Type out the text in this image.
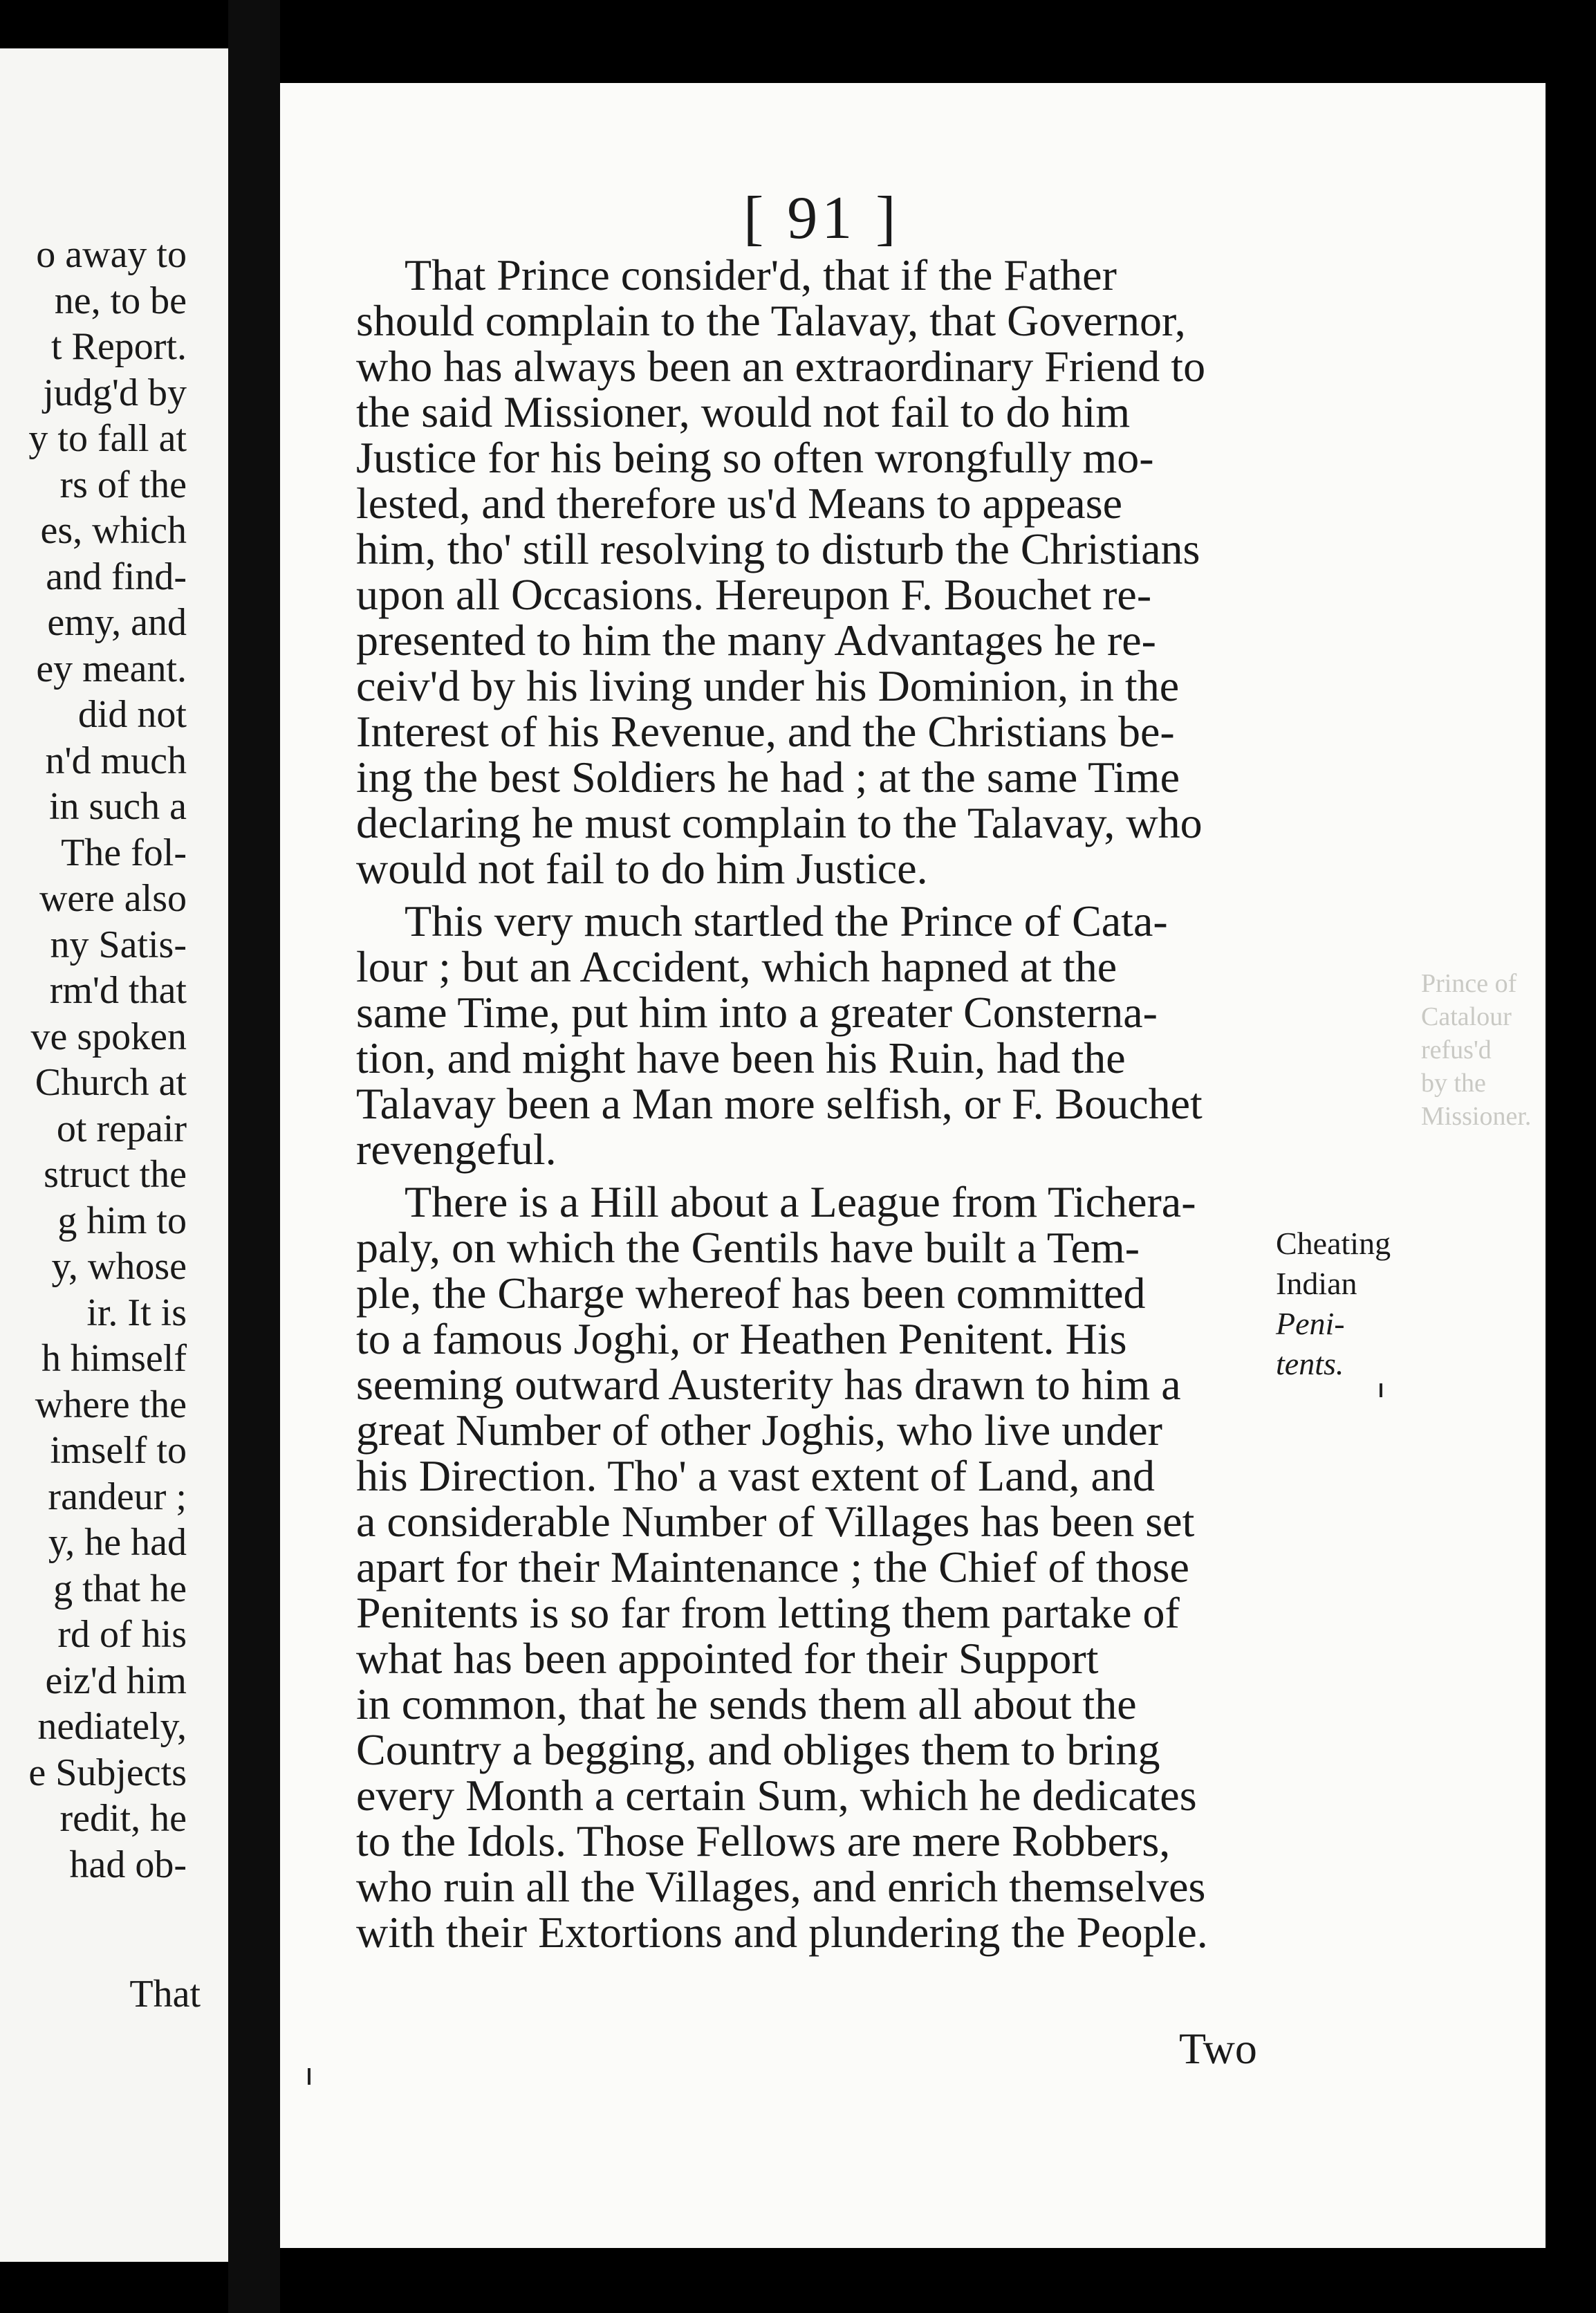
o away to
ne, to be
t Report.
judg'd by
y to fall at
rs of the
es, which
and find-
emy, and
ey meant.
did not
n'd much
in such a
The fol-
were also
ny Satis-
rm'd that
ve spoken
Church at
ot repair
struct the
g him to
y, whose
ir. It is
h himself
where the
imself to
randeur ;
y, he had
g that he
rd of his
eiz'd him
nediately,
e Subjects
redit, he
had ob-
That
Prince of
Catalour
refus'd
by the
Missioner.
[ 91 ]
That Prince consider'd, that if the Father
should complain to the Talavay, that Governor,
who has always been an extraordinary Friend to
the said Missioner, would not fail to do him
Justice for his being so often wrongfully mo-
lested, and therefore us'd Means to appease
him, tho' still resolving to disturb the Christians
upon all Occasions. Hereupon F. Bouchet re-
presented to him the many Advantages he re-
ceiv'd by his living under his Dominion, in the
Interest of his Revenue, and the Christians be-
ing the best Soldiers he had ; at the same Time
declaring he must complain to the Talavay, who
would not fail to do him Justice.
This very much startled the Prince of Cata-
lour ; but an Accident, which hapned at the
same Time, put him into a greater Consterna-
tion, and might have been his Ruin, had the
Talavay been a Man more selfish, or F. Bouchet
revengeful.
There is a Hill about a League from Tichera-
paly, on which the Gentils have built a Tem-
ple, the Charge whereof has been committed
to a famous Joghi, or Heathen Penitent. His
seeming outward Austerity has drawn to him a
great Number of other Joghis, who live under
his Direction. Tho' a vast extent of Land, and
a considerable Number of Villages has been set
apart for their Maintenance ; the Chief of those
Penitents is so far from letting them partake of
what has been appointed for their Support
in common, that he sends them all about the
Country a begging, and obliges them to bring
every Month a certain Sum, which he dedicates
to the Idols. Those Fellows are mere Robbers,
who ruin all the Villages, and enrich themselves
with their Extortions and plundering the People.
Cheating
Indian
Peni-
tents.
Two
